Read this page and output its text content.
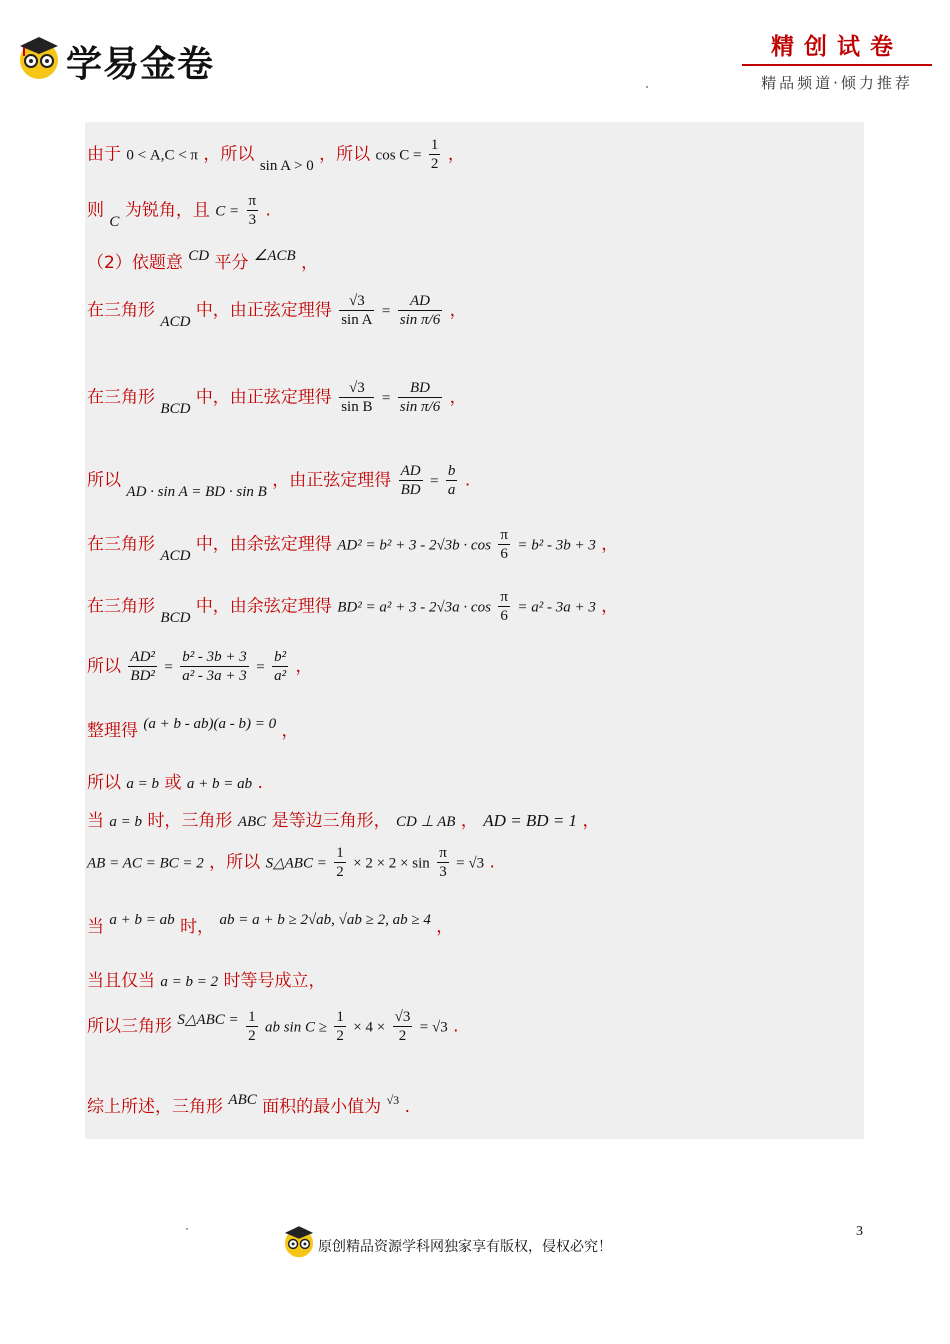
学易金卷	精创试卷
精品频道·倾力推荐
由于 0 < A,C < π ，所以 sin A > 0 ，所以 $\cos C = \frac{1}{2}$ ，
则 C 为锐角，且 $C = \frac{\pi}{3}$ .
（2）依题意 CD 平分 ∠ACB ，
在三角形 ACD 中，由正弦定理得 $\frac{√3}{\text{sin A}} = \frac{AD}{\text{sin π/6}}$ ，
在三角形 BCD 中，由正弦定理得 $\frac{√3}{\text{sin B}} = \frac{BD}{\text{sin π/6}}$ ，
所以 AD · sin A = BD · sin B ，由正弦定理得 $\frac{AD}{BD} = \frac{b}{a}$ .
在三角形 ACD 中，由余弦定理得 $AD^2 = b^2 + 3 - 2√3b \cdot \cos \frac{\pi}{6} = b^2 - 3b + 3$ ，
在三角形 BCD 中，由余弦定理得 $BD^2 = a^2 + 3 - 2√3a \cdot \cos \frac{\pi}{6} = a^2 - 3a + 3$ ，
所以 $\frac{\text{AD²}}{\text{BD²}} = \frac{\text{b² - 3b + 3}}{\text{a² - 3a + 3}} = \frac{\text{b²}}{\text{a²}}$ ，
整理得 (a + b - ab)(a - b) = 0 ，
所以 a = b 或 a + b = ab .
当 a = b 时，三角形 ABC 是等边三角形， CD ⊥ AB ， AD = BD = 1 ，
AB = AC = BC = 2 ，所以 S△ABC = $\frac{1}{2} \times 2 \times 2 \times \sin \frac{\pi}{3} = √3$ .
当 a + b = ab 时， ab = a + b ≥ 2√ab, √ab ≥ 2, ab ≥ 4 ，
当且仅当 a = b = 2 时等号成立，
所以三角形 S△ABC = $\frac{1}{2}$ ab $\sin C \ge \frac{1}{2} \times 4 \times \frac{√3}{2} = √3$ .
综上所述，三角形 ABC 面积的最小值为 $^{√3}$ .
原创精品资源学科网独家享有版权，侵权必究！
3
